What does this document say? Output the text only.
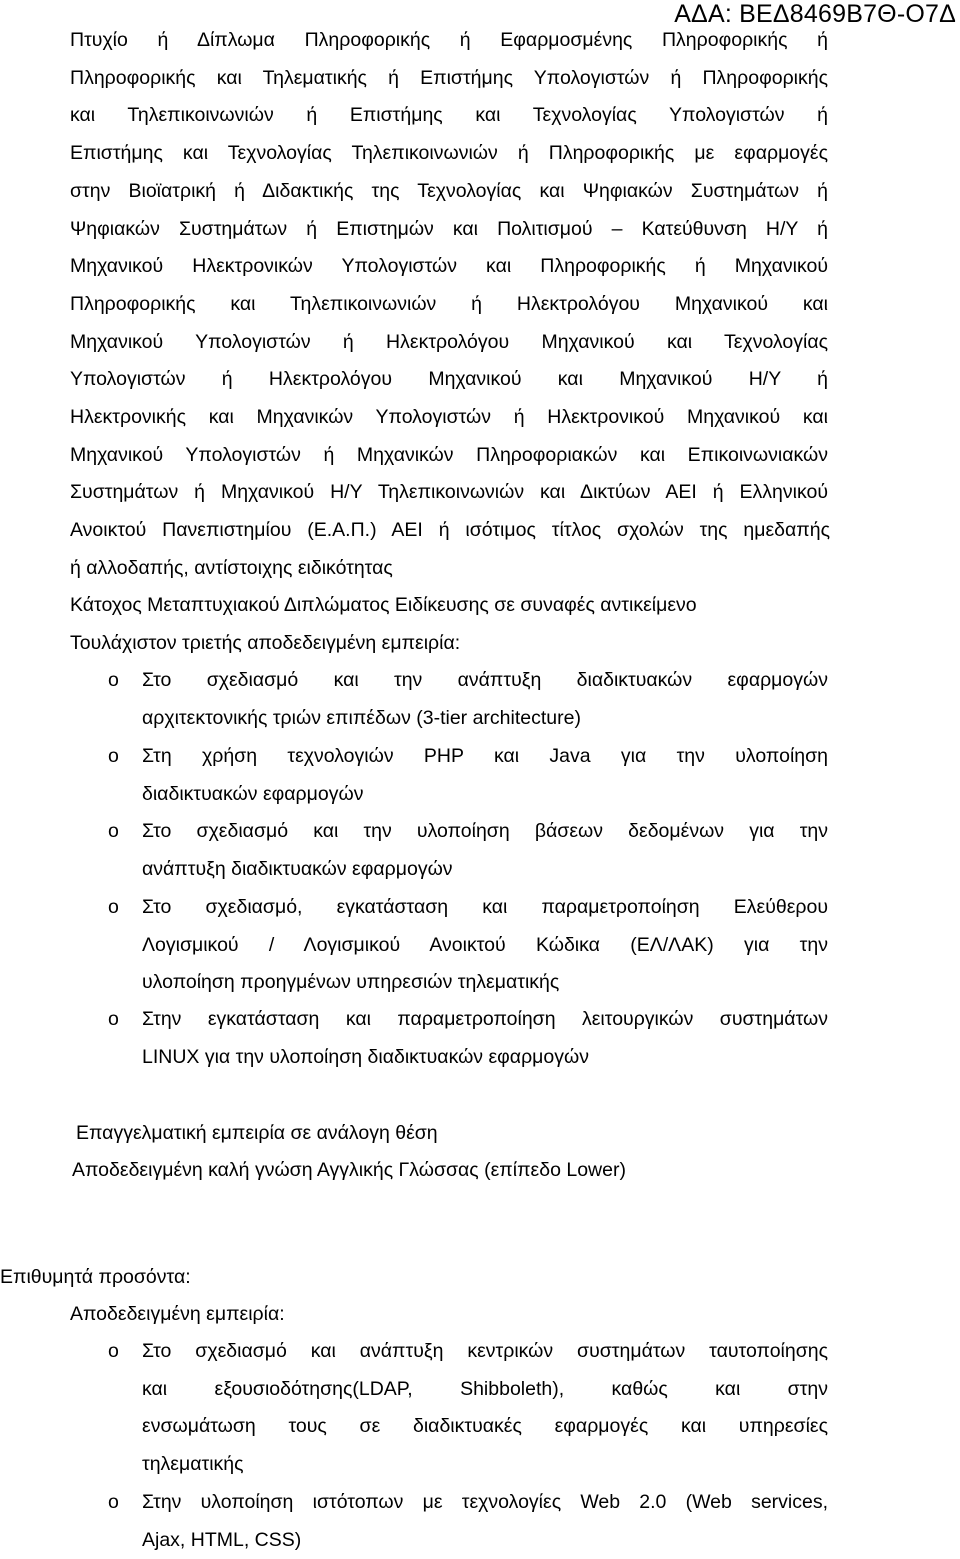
ΑΔΑ: ΒΕΔ8469Β7Θ-Ο7Δ
Πτυχίο ή Δίπλωμα Πληροφορικής ή Εφαρμοσμένης Πληροφορικής ή
Πληροφορικής και Τηλεματικής ή Επιστήμης Υπολογιστών ή Πληροφορικής
και Τηλεπικοινωνιών ή Επιστήμης και Τεχνολογίας Υπολογιστών ή
Επιστήμης και Τεχνολογίας Τηλεπικοινωνιών ή Πληροφορικής με εφαρμογές
στην Βιοϊατρική ή Διδακτικής της Τεχνολογίας και Ψηφιακών Συστημάτων ή
Ψηφιακών Συστημάτων ή Επιστημών και Πολιτισμού – Κατεύθυνση Η/Υ ή
Μηχανικού Ηλεκτρονικών Υπολογιστών και Πληροφορικής ή Μηχανικού
Πληροφορικής και Τηλεπικοινωνιών ή Ηλεκτρολόγου Μηχανικού και
Μηχανικού Υπολογιστών ή Ηλεκτρολόγου Μηχανικού και Τεχνολογίας
Υπολογιστών ή Ηλεκτρολόγου Μηχανικού και Μηχανικού Η/Υ ή
Ηλεκτρονικής και Μηχανικών Υπολογιστών ή Ηλεκτρονικού Μηχανικού και
Μηχανικού Υπολογιστών ή Μηχανικών Πληροφοριακών και Επικοινωνιακών
Συστημάτων ή Μηχανικού Η/Υ Τηλεπικοινωνιών και Δικτύων ΑΕΙ ή Ελληνικού
Ανοικτού Πανεπιστημίου (Ε.Α.Π.) ΑΕΙ ή ισότιμος τίτλος σχολών της ημεδαπής
ή αλλοδαπής, αντίστοιχης ειδικότητας
Κάτοχος Μεταπτυχιακού Διπλώματος Ειδίκευσης σε συναφές αντικείμενο
Τουλάχιστον τριετής αποδεδειγμένη εμπειρία:
o	Στο σχεδιασμό και την ανάπτυξη διαδικτυακών εφαρμογών
αρχιτεκτονικής τριών επιπέδων (3-tier architecture)
o	Στη χρήση τεχνολογιών PHP και Java για την υλοποίηση
διαδικτυακών εφαρμογών
o	Στο σχεδιασμό και την υλοποίηση βάσεων δεδομένων για την
ανάπτυξη διαδικτυακών εφαρμογών
o	Στο σχεδιασμό, εγκατάσταση και παραμετροποίηση Ελεύθερου
Λογισμικού / Λογισμικού Ανοικτού Κώδικα (ΕΛ/ΛΑΚ) για την
υλοποίηση προηγμένων υπηρεσιών τηλεματικής
o	Στην εγκατάσταση και παραμετροποίηση λειτουργικών συστημάτων
LINUX για την υλοποίηση διαδικτυακών εφαρμογών
Επαγγελματική εμπειρία σε ανάλογη θέση
Αποδεδειγμένη καλή γνώση Αγγλικής Γλώσσας (επίπεδο Lower)
Επιθυμητά προσόντα:
Αποδεδειγμένη εμπειρία:
o	Στο σχεδιασμό και ανάπτυξη κεντρικών συστημάτων ταυτοποίησης
και εξουσιοδότησης(LDAP, Shibboleth), καθώς και στην
ενσωμάτωση τους σε διαδικτυακές εφαρμογές και υπηρεσίες
τηλεματικής
o	Στην υλοποίηση ιστότοπων με τεχνολογίες Web 2.0 (Web services,
Ajax, HTML, CSS)
